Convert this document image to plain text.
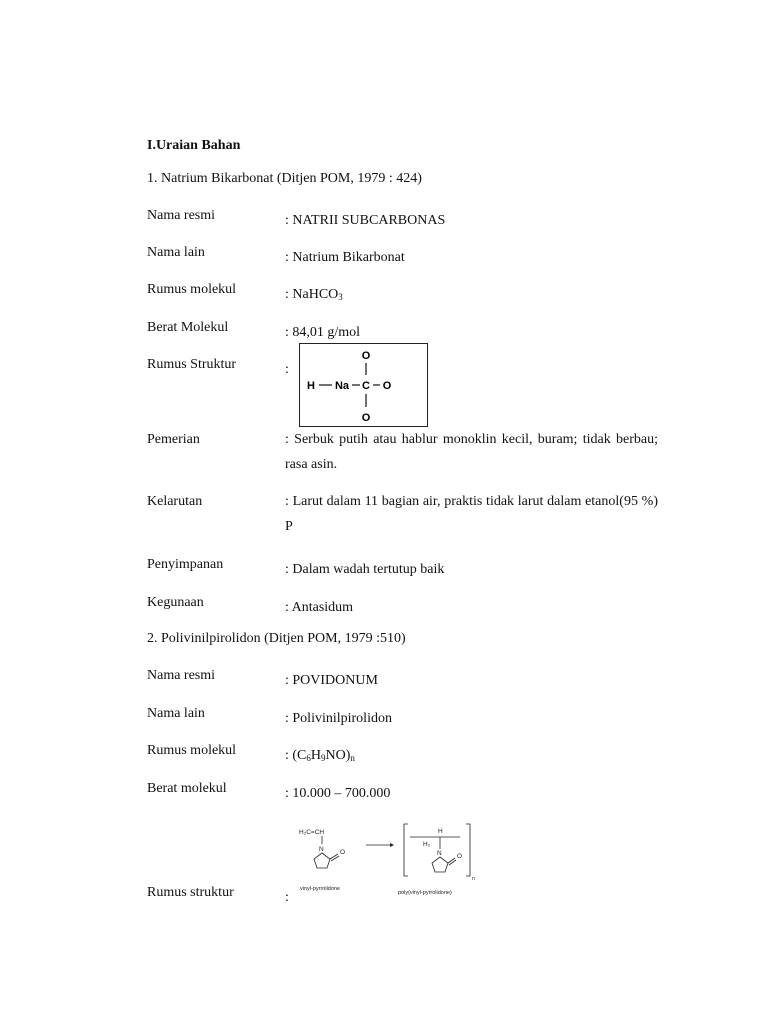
I.Uraian Bahan
1. Natrium Bikarbonat (Ditjen POM, 1979 : 424)
Nama resmi	: NATRII SUBCARBONAS
Nama lain	: Natrium Bikarbonat
Rumus molekul	: NaHCO$_3$
Berat Molekul	: 84,01 g/mol
Rumus Struktur	:
O
H Na C O
O
Pemerian	: Serbuk putih atau hablur monoklin kecil, buram; tidak berbau; rasa asin.
Kelarutan	: Larut dalam 11 bagian air, praktis tidak larut dalam etanol(95 %) P
Penyimpanan	: Dalam wadah tertutup baik
Kegunaan	: Antasidum
2. Polivinilpirolidon (Ditjen POM, 1979 :510)
Nama resmi	: POVIDONUM
Nama lain	: Polivinilpirolidon
Rumus molekul	: $(C_6H_9NO)_n$
Berat molekul	: 10.000 – 700.000
H₂C=CH
N	O
vinyl-pyrrolidone
H
H₂
N O
n
poly(vinyl-pyrrolidone)
Rumus struktur	:
